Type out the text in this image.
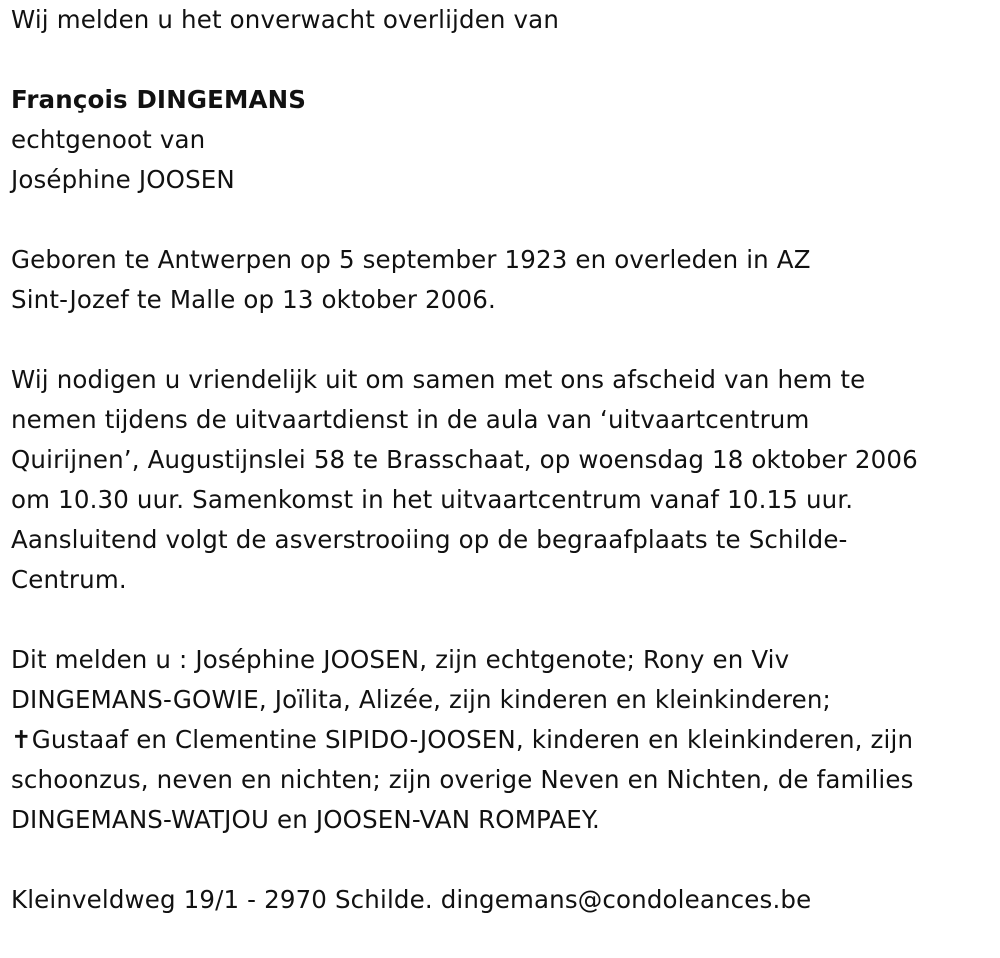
Wij melden u het onverwacht overlijden van
François DINGEMANS
echtgenoot van
Joséphine JOOSEN
Geboren te Antwerpen op 5 september 1923 en overleden in AZ
Sint-Jozef te Malle op 13 oktober 2006.
Wij nodigen u vriendelijk uit om samen met ons afscheid van hem te
nemen tijdens de uitvaartdienst in de aula van ‘uitvaartcentrum
Quirijnen’, Augustijnslei 58 te Brasschaat, op woensdag 18 oktober 2006
om 10.30 uur. Samenkomst in het uitvaartcentrum vanaf 10.15 uur.
Aansluitend volgt de asverstrooiing op de begraafplaats te Schilde-
Centrum.
Dit melden u : Joséphine JOOSEN, zijn echtgenote; Rony en Viv
DINGEMANS-GOWIE, Joïlita, Alizée, zijn kinderen en kleinkinderen;
✝Gustaaf en Clementine SIPIDO-JOOSEN, kinderen en kleinkinderen, zijn
schoonzus, neven en nichten; zijn overige Neven en Nichten, de families
DINGEMANS-WATJOU en JOOSEN-VAN ROMPAEY.
Kleinveldweg 19/1 - 2970 Schilde. dingemans@condoleances.be
